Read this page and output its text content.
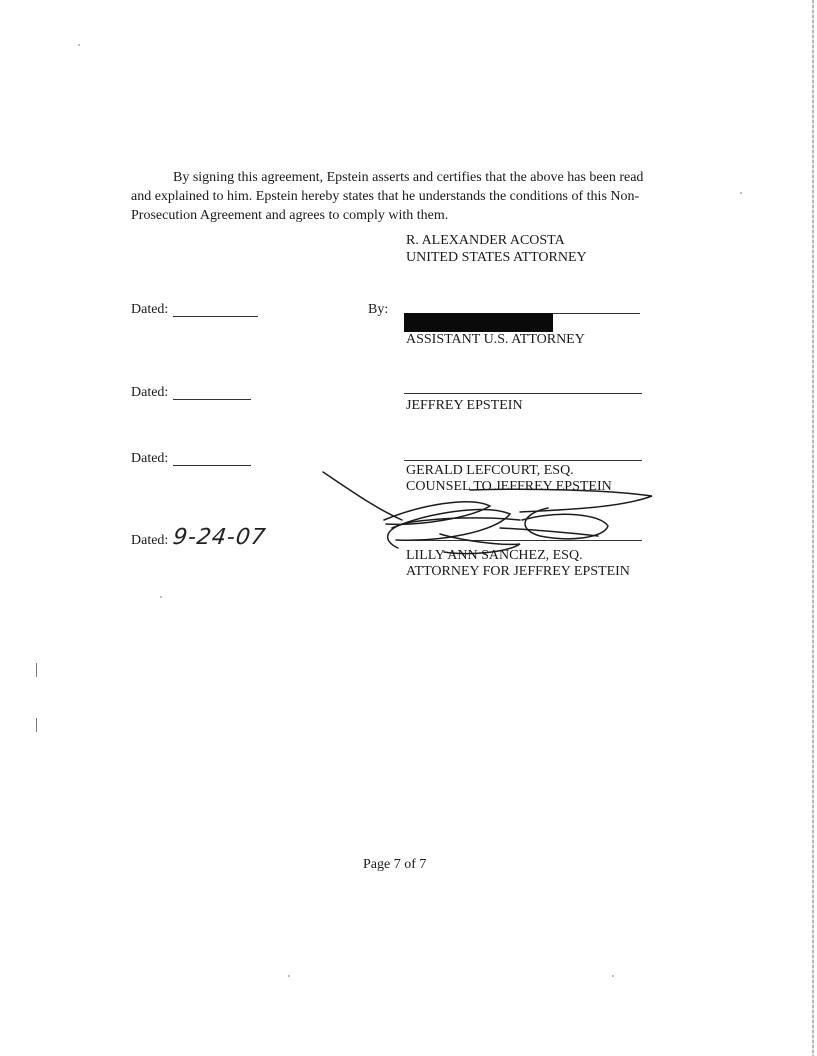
By signing this agreement, Epstein asserts and certifies that the above has been read
and explained to him. Epstein hereby states that he understands the conditions of this Non-
Prosecution Agreement and agrees to comply with them.
R. ALEXANDER ACOSTA
UNITED STATES ATTORNEY
Dated:	By:
ASSISTANT U.S. ATTORNEY
Dated:
JEFFREY EPSTEIN
Dated:
GERALD LEFCOURT, ESQ.
COUNSEL TO JEFFREY EPSTEIN
Dated: 9-24-07
LILLY ANN SANCHEZ, ESQ.
ATTORNEY FOR JEFFREY EPSTEIN
Page 7 of 7
